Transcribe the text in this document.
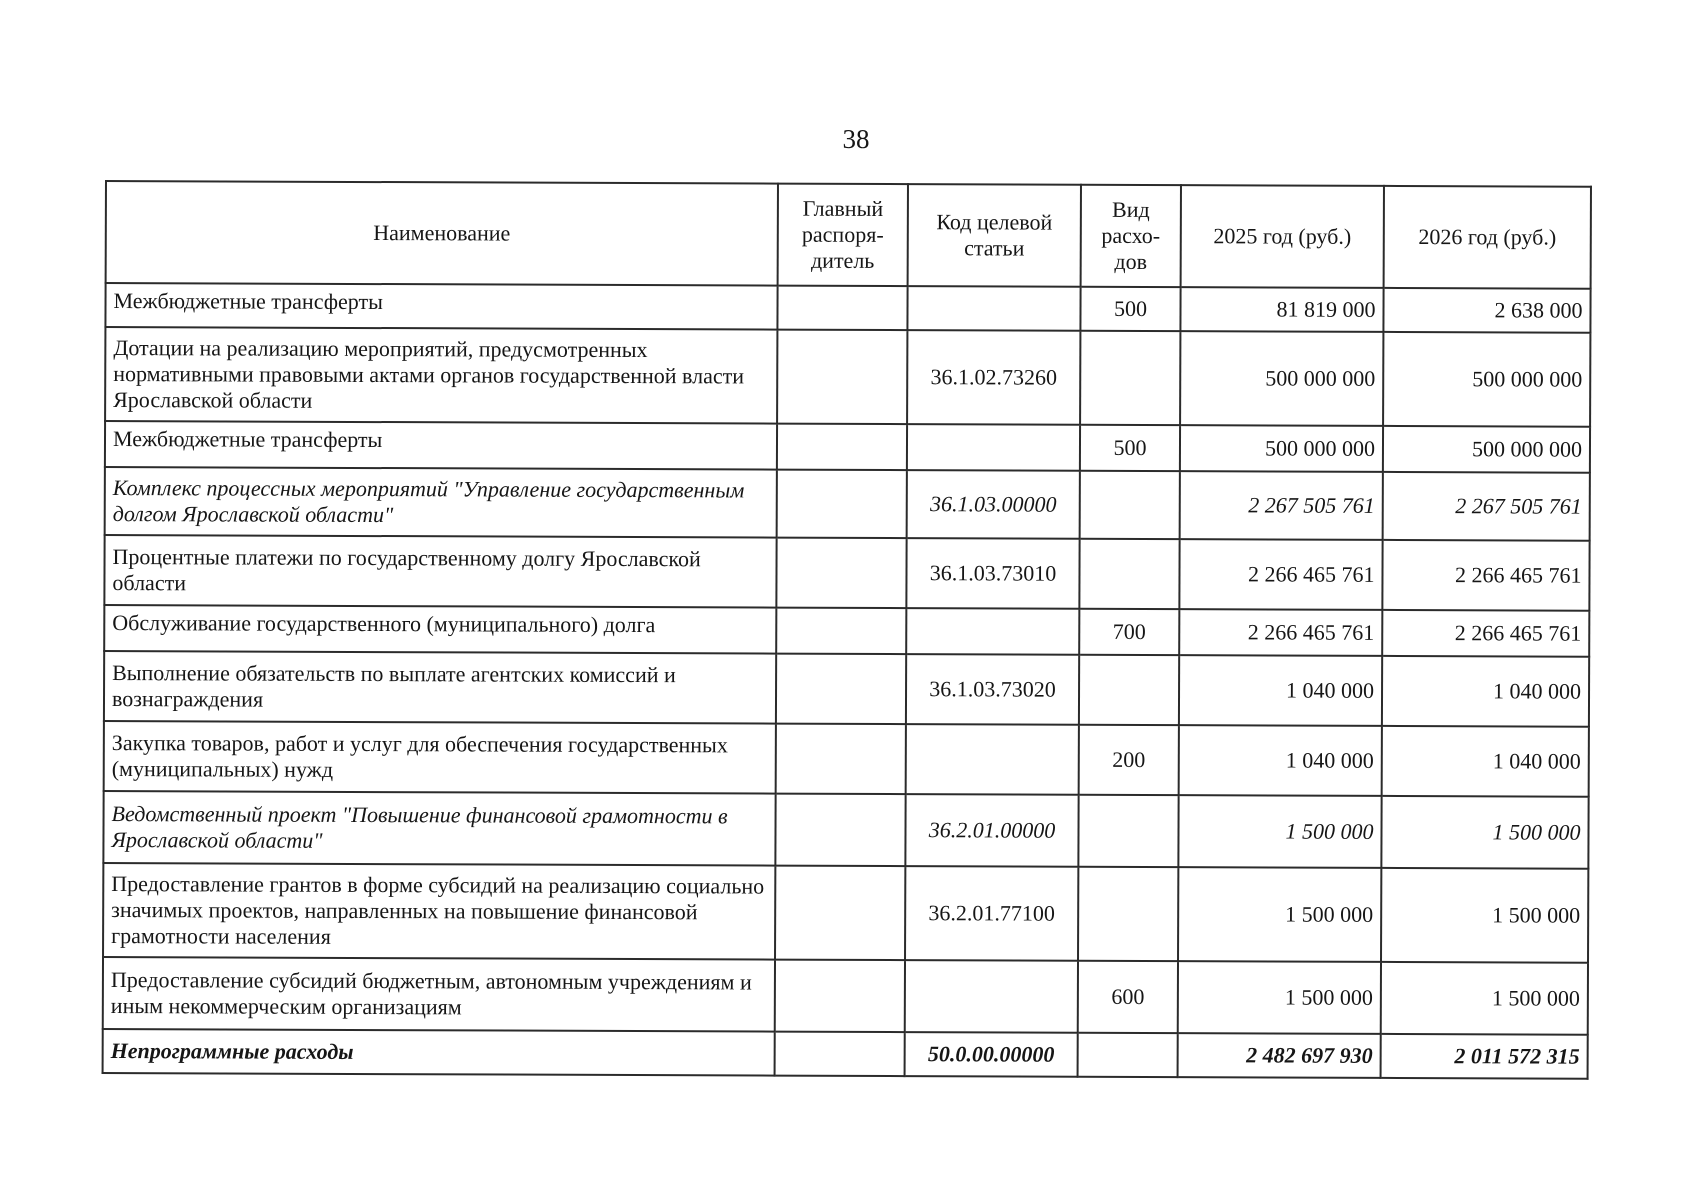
38
Наименование	Главный распоря-дитель	Код целевой статьи	Вид расхо-дов	2025 год (руб.)	2026 год (руб.)
Межбюджетные трансферты			500	81 819 000	2 638 000
Дотации на реализацию мероприятий, предусмотренных нормативными правовыми актами органов государственной власти Ярославской области		36.1.02.73260		500 000 000	500 000 000
Межбюджетные трансферты			500	500 000 000	500 000 000
Комплекс процессных мероприятий "Управление государственным долгом Ярославской области"		36.1.03.00000		2 267 505 761	2 267 505 761
Процентные платежи по государственному долгу Ярославской области		36.1.03.73010		2 266 465 761	2 266 465 761
Обслуживание государственного (муниципального) долга			700	2 266 465 761	2 266 465 761
Выполнение обязательств по выплате агентских комиссий и вознаграждения		36.1.03.73020		1 040 000	1 040 000
Закупка товаров, работ и услуг для обеспечения государственных (муниципальных) нужд			200	1 040 000	1 040 000
Ведомственный проект "Повышение финансовой грамотности в Ярославской области"		36.2.01.00000		1 500 000	1 500 000
Предоставление грантов в форме субсидий на реализацию социально значимых проектов, направленных на повышение финансовой грамотности населения		36.2.01.77100		1 500 000	1 500 000
Предоставление субсидий бюджетным, автономным учреждениям и иным некоммерческим организациям			600	1 500 000	1 500 000
Непрограммные расходы		50.0.00.00000		2 482 697 930	2 011 572 315
